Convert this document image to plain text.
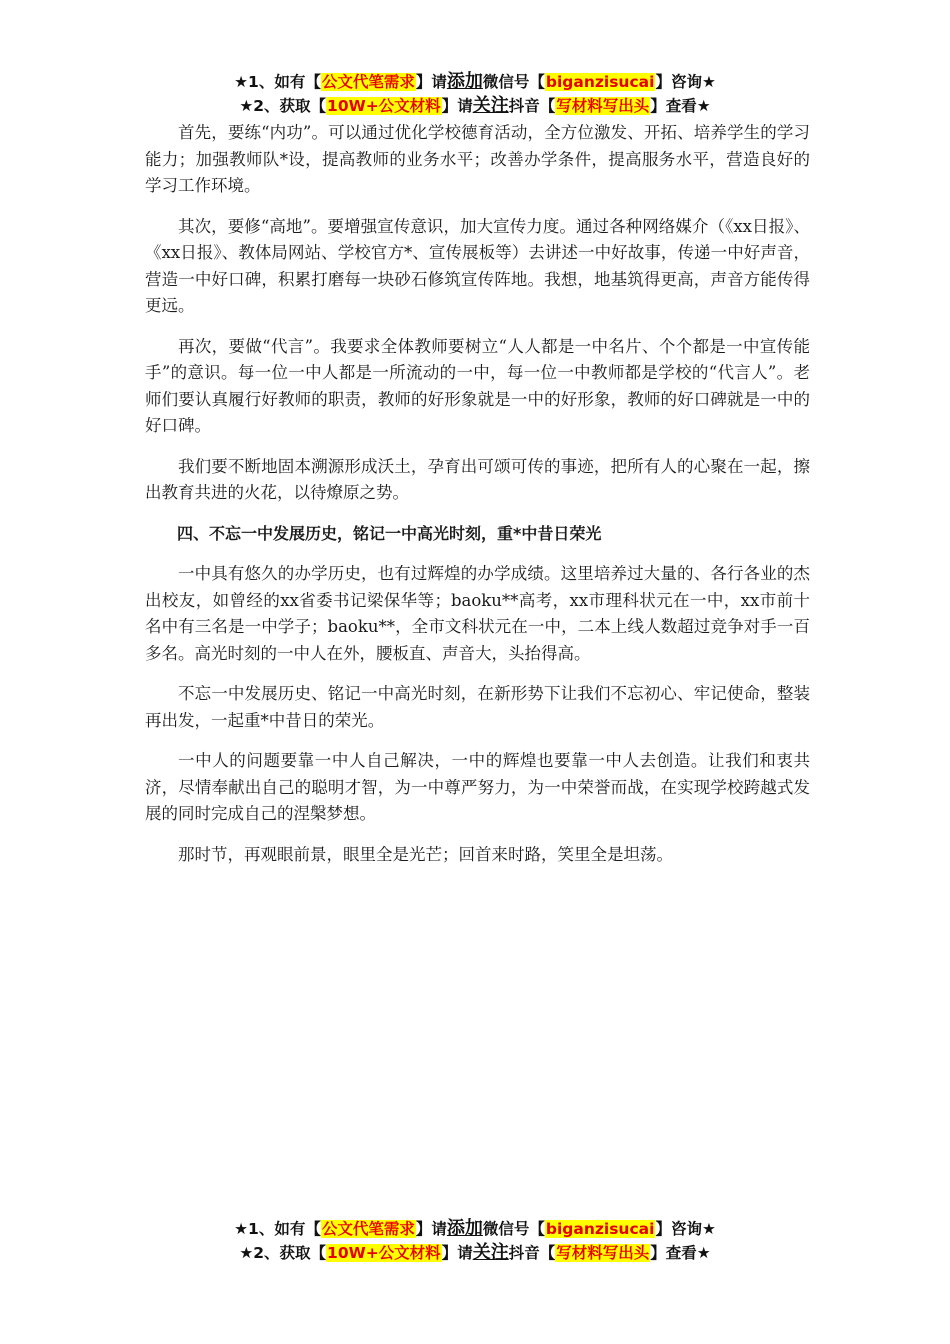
★1、如有【公文代笔需求】请添加微信号【biganzisucai】咨询★
★2、获取【10W+公文材料】请关注抖音【写材料写出头】查看★

首先，要练“内功”。可以通过优化学校德育活动，全方位激发、开拓、培养学生的学习能力；加强教师队*设，提高教师的业务水平；改善办学条件，提高服务水平，营造良好的学习工作环境。

其次，要修“高地”。要增强宣传意识，加大宣传力度。通过各种网络媒介（《xx日报》、《xx日报》、教体局网站、学校官方*、宣传展板等）去讲述一中好故事，传递一中好声音，营造一中好口碑，积累打磨每一块砂石修筑宣传阵地。我想，地基筑得更高，声音方能传得更远。

再次，要做“代言”。我要求全体教师要树立“人人都是一中名片、个个都是一中宣传能手”的意识。每一位一中人都是一所流动的一中，每一位一中教师都是学校的“代言人”。老师们要认真履行好教师的职责，教师的好形象就是一中的好形象，教师的好口碑就是一中的好口碑。

我们要不断地固本溯源形成沃土，孕育出可颂可传的事迹，把所有人的心聚在一起，擦出教育共进的火花，以待燎原之势。

四、不忘一中发展历史，铭记一中高光时刻，重*中昔日荣光

一中具有悠久的办学历史，也有过辉煌的办学成绩。这里培养过大量的、各行各业的杰出校友，如曾经的xx省委书记梁保华等；baoku**高考，xx市理科状元在一中，xx市前十名中有三名是一中学子；baoku**，全市文科状元在一中，二本上线人数超过竞争对手一百多名。高光时刻的一中人在外，腰板直、声音大，头抬得高。

不忘一中发展历史、铭记一中高光时刻，在新形势下让我们不忘初心、牢记使命，整装再出发，一起重*中昔日的荣光。

一中人的问题要靠一中人自己解决，一中的辉煌也要靠一中人去创造。让我们和衷共济，尽情奉献出自己的聪明才智，为一中尊严努力，为一中荣誉而战，在实现学校跨越式发展的同时完成自己的涅槃梦想。

那时节，再观眼前景，眼里全是光芒；回首来时路，笑里全是坦荡。

★1、如有【公文代笔需求】请添加微信号【biganzisucai】咨询★
★2、获取【10W+公文材料】请关注抖音【写材料写出头】查看★
